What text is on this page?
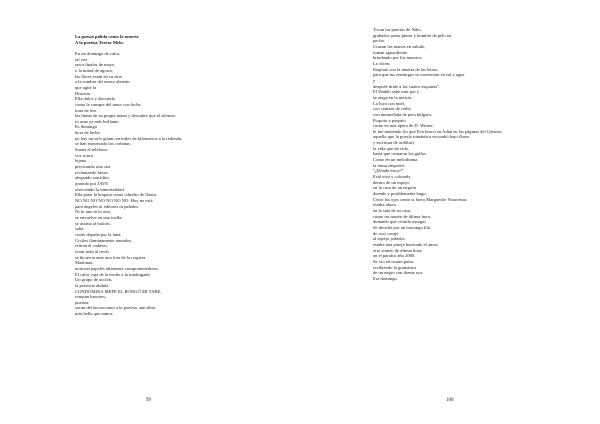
La poesía pálida como la muerte
A la poetisa Teresa Melo.
En un domingo de calor,
tal vez
sea a finales de mayo
o la mitad de agosto,
las flores están en su sitio
a la sombra del motor alemán
que agite la
Historia.
Ella dulce y discutida
como la compra del amor con leche,
trata de leer
las líneas de su propia mano y descubre que el silencio
es asaz ya más brillante.
Es domingo
hora de leche,
no hay un solo gitano en miles de kilómetros a la redonda,
se han extraviado las corbatas.
Suena el teléfono:
voz ronca
lejana
precisando una cita
reclamando besos
alegando suicidios
jurando por JAVE
ofreciendo la inmortalidad.
Ella pone la boquita como cilindro de flauta,
NO NO NO NO NO NO NO. Hoy no está
para ángeles ni editores ni pañales.
Ni lo uno ni lo otro,
se envuelve en una toalla,
se asoma al balcón,
salta
como dopada por la luna.
Civiles iluminamente armados,
retiran el cadáver,
viran todo al revés
se hicieron ante una foto de la roquera
Madonna:
notician papeles altamente comprometedores.
El calor vaja de la noche a la madrugada.
Un grupo de acción,
la potencia abdula
CONDOMINA MEPE EL BONGÓ MI TABE,
rompan barrotes,
puertas,
sacan del necrocomio a la poetisa, aún tibia,
más bella que nunca.
99
Tocan las puertas de Niko,
grabador poeta pintor y hombre de pelo en
pecho.
Cruzan las manos en saludo,
toman aguardiente
brindando por los muertos.
Lo dicen,
límpiate con la muerta de las letras,
para que tus enemigos se conviertan en sal y agua
y
después tírale a las cuatro esquinas".
El Diablo sabe más por y
se ziaga en la noticia.
La luya con miel,
con cenizas de ceiba
con mermelada de pera búlgara.
Poquito a poquito
como en una ópera de JI. Wirner,
le fue metiendo (lo que Eva buscó en Adán en las páginas del Génesis,
aquello que la poesía romántica escondió bajo flores
y escritura de ardillas)
la vida que da vida,
hasta que cantaron los gallos.
Como en un melodrama
la musa despertó:
"¿Dónde estoy?"
Está viva y colorada
dentro de un espejo,
en la casa de un negrón
duende y posiblemente bugo.
Cerró los ojos como si fuera Marguerite Yourcenar,
estaba ahora
en la sala de su casa,
como un soneto de última hora,
dudando qué vestido usurgar.
Se decidió por un hariongo lila,
de rosy ornijó
al espejo jodador:
estaba una pareja haciendo el amor,
otro soneto de última hora,
en el paraíso año 2000.
Se vio en cuatro patas,
recibiendo la gramática
de un negro con diente oro.
Era domingo.
100
